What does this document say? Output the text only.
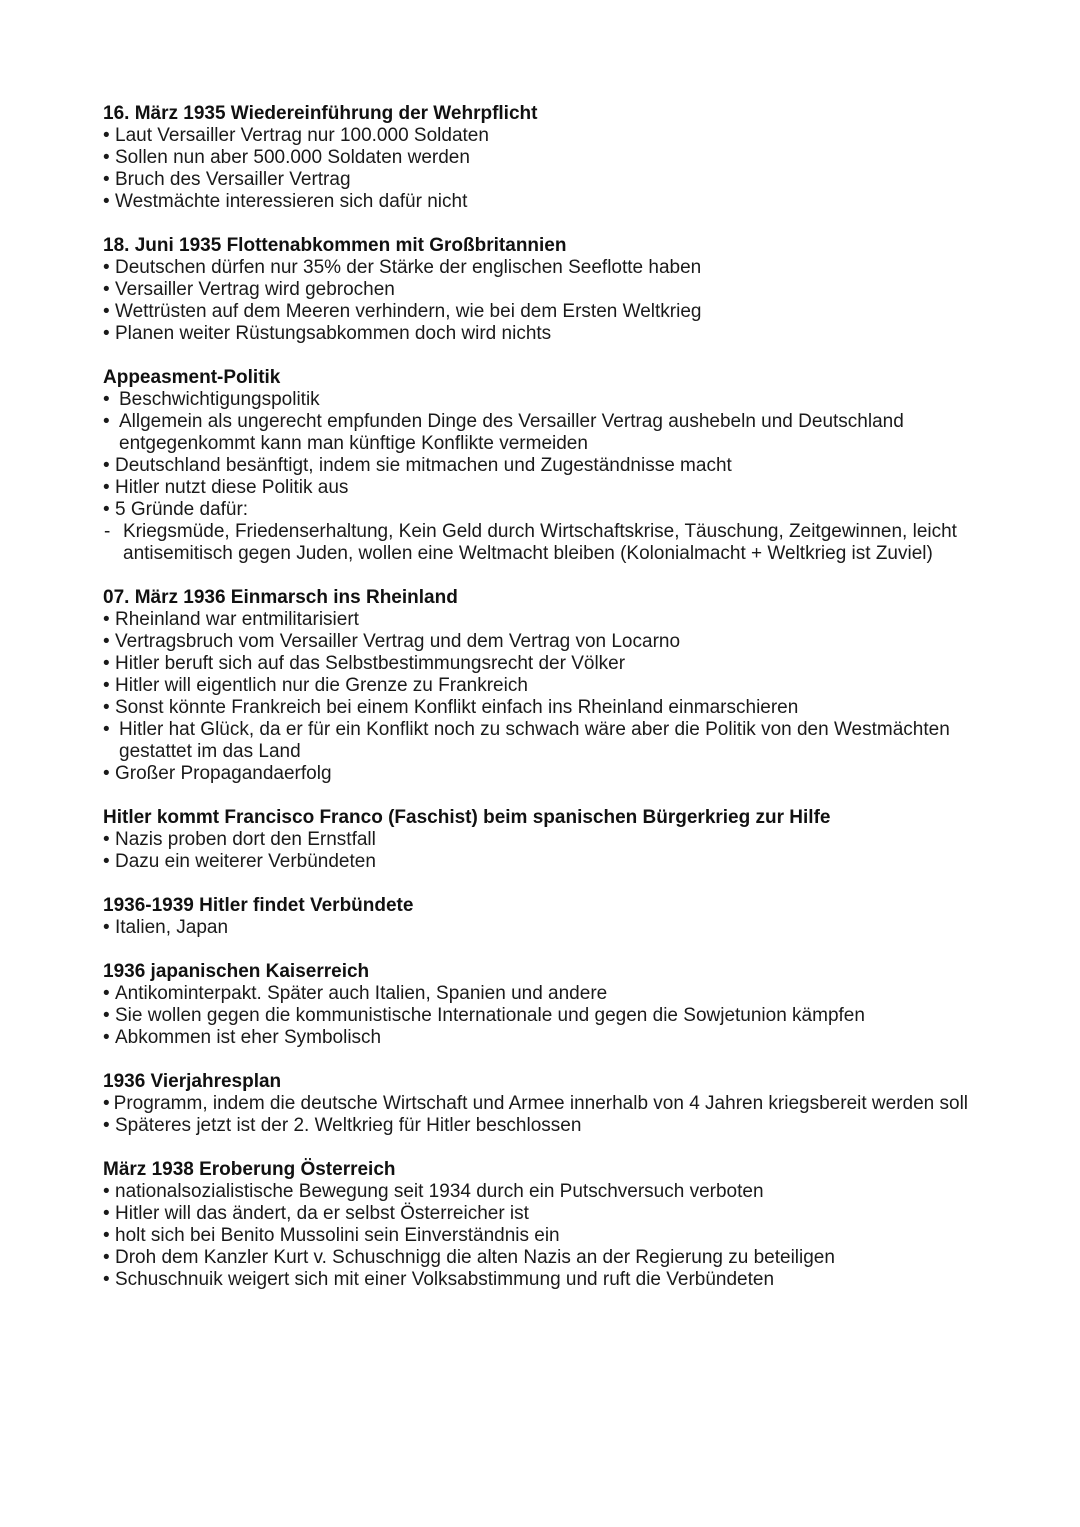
16. März 1935 Wiedereinführung der Wehrpflicht
• Laut Versailler Vertrag nur 100.000 Soldaten
• Sollen nun aber 500.000 Soldaten werden
• Bruch des Versailler Vertrag
• Westmächte interessieren sich dafür nicht
18. Juni 1935 Flottenabkommen mit Großbritannien
• Deutschen dürfen nur 35% der Stärke der englischen Seeflotte haben
• Versailler Vertrag wird gebrochen
• Wettrüsten auf dem Meeren verhindern, wie bei dem Ersten Weltkrieg
• Planen weiter Rüstungsabkommen doch wird nichts
Appeasment-Politik
• Beschwichtigungspolitik
• Allgemein als ungerecht empfunden Dinge des Versailler Vertrag aushebeln und Deutschland entgegenkommt kann man künftige Konflikte vermeiden
• Deutschland besänftigt, indem sie mitmachen und Zugeständnisse macht
• Hitler nutzt diese Politik aus
• 5 Gründe dafür:
- Kriegsmüde, Friedenserhaltung, Kein Geld durch Wirtschaftskrise, Täuschung, Zeitgewinnen, leicht antisemitisch gegen Juden, wollen eine Weltmacht bleiben (Kolonialmacht + Weltkrieg ist Zuviel)
07. März 1936 Einmarsch ins Rheinland
• Rheinland war entmilitarisiert
• Vertragsbruch vom Versailler Vertrag und dem Vertrag von Locarno
• Hitler beruft sich auf das Selbstbestimmungsrecht der Völker
• Hitler will eigentlich nur die Grenze zu Frankreich
• Sonst könnte Frankreich bei einem Konflikt einfach ins Rheinland einmarschieren
• Hitler hat Glück, da er für ein Konflikt noch zu schwach wäre aber die Politik von den Westmächten gestattet im das Land
• Großer Propagandaerfolg
Hitler kommt Francisco Franco (Faschist) beim spanischen Bürgerkrieg zur Hilfe
• Nazis proben dort den Ernstfall
• Dazu ein weiterer Verbündeten
1936-1939 Hitler findet Verbündete
• Italien, Japan
1936 japanischen Kaiserreich
• Antikominterpakt. Später auch Italien, Spanien und andere
• Sie wollen gegen die kommunistische Internationale und gegen die Sowjetunion kämpfen
• Abkommen ist eher Symbolisch
1936 Vierjahresplan
• Programm, indem die deutsche Wirtschaft und Armee innerhalb von 4 Jahren kriegsbereit werden soll
• Späteres jetzt ist der 2. Weltkrieg für Hitler beschlossen
März 1938 Eroberung Österreich
• nationalsozialistische Bewegung seit 1934 durch ein Putschversuch verboten
• Hitler will das ändert, da er selbst Österreicher ist
• holt sich bei Benito Mussolini sein Einverständnis ein
• Droh dem Kanzler Kurt v. Schuschnigg die alten Nazis an der Regierung zu beteiligen
• Schuschnuik weigert sich mit einer Volksabstimmung und ruft die Verbündeten
